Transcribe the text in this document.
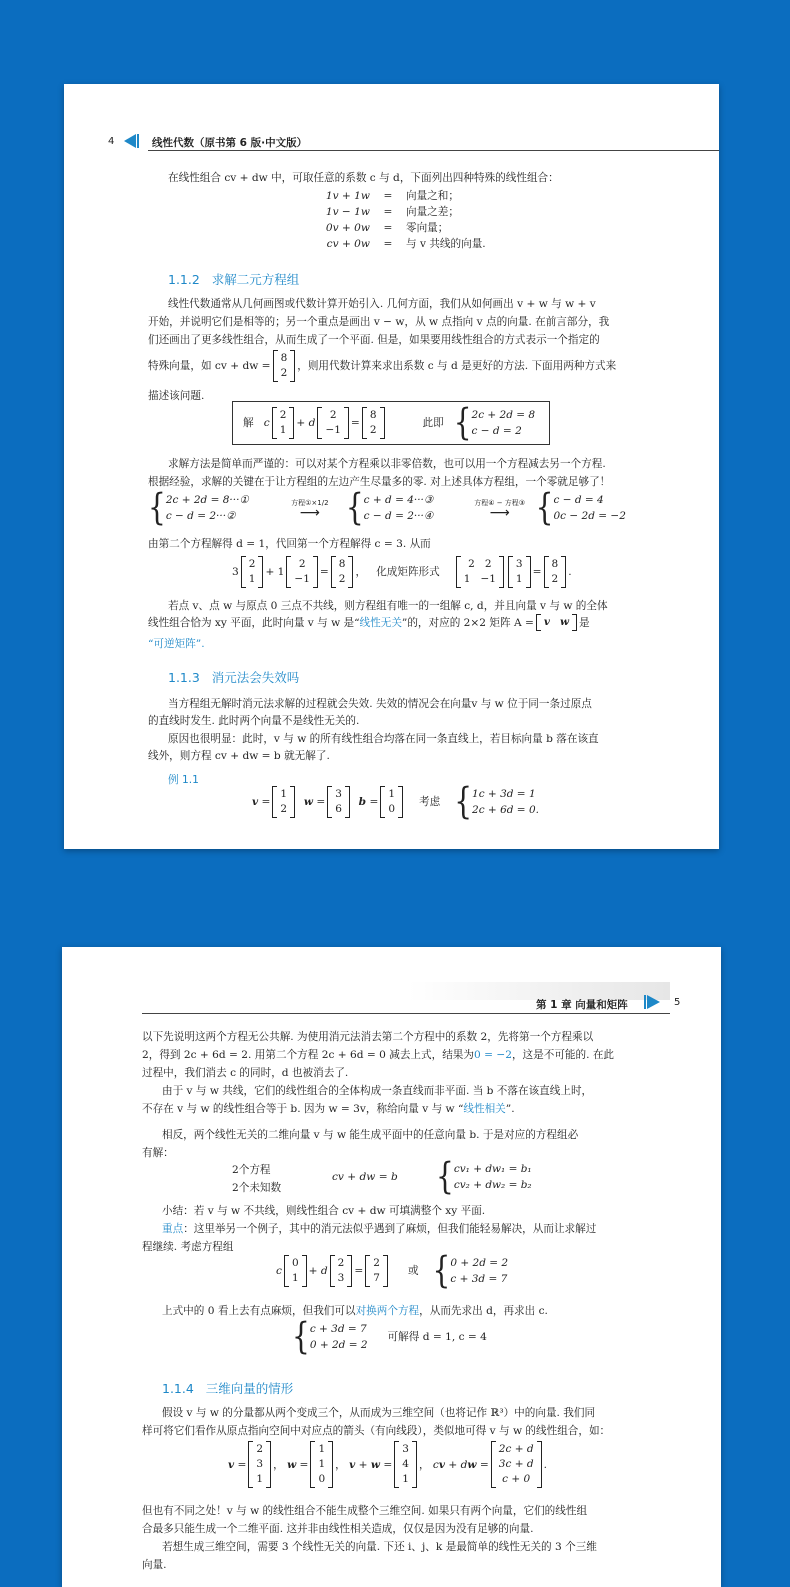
4	线性代数（原书第 6 版·中文版）
在线性组合 cv + dw 中，可取任意的系数 c 与 d，下面列出四种特殊的线性组合：
1v + 1w	=	向量之和；
1v − 1w	=	向量之差；
0v + 0w	=	零向量；
cv + 0w	=	与 v 共线的向量.
1.1.2 求解二元方程组
线性代数通常从几何画图或代数计算开始引入. 几何方面，我们从如何画出 v + w 与 w + v
开始，并说明它们是相等的；另一个重点是画出 v − w，从 w 点指向 v 点的向量. 在前言部分，我
们还画出了更多线性组合，从而生成了一个平面. 但是，如果要用线性组合的方式表示一个指定的
特殊向量，如 cv + dw =
8
2
，则用代数计算来求出系数 c 与 d 是更好的方法. 下面用两种方式来
描述该问题.
解
c
2
1
+ d
2
−1
=
8
2
此即 { 2c + 2d = 8
c − d = 2
求解方法是简单而严谨的：可以对某个方程乘以非零倍数，也可以用一个方程减去另一个方程.
根据经验，求解的关键在于让方程组的左边产生尽量多的零. 对上述具体方程组，一个零就足够了！
{ 2c + 2d = 8···①
c − d = 2···②
方程①×1/2
⟶ { c + d = 4···③
c − d = 2···④
方程④ − 方程③
⟶ { c − d = 4
0c − 2d = −2
由第二个方程解得 d = 1，代回第一个方程解得 c = 3. 从而
3
2
1
+ 1
2
−1
=
8
2
， 化成矩阵形式
2 2
1 −1
3
1
=
8
2
.
若点 v、点 w 与原点 0 三点不共线，则方程组有唯一的一组解 c, d，并且向量 v 与 w 的全体
线性组合恰为 xy 平面，此时向量 v 与 w 是“ 线性无关 ”的，对应的 2×2 矩阵 A = v w 是
“可逆矩阵”.
1.1.3 消元法会失效吗
当方程组无解时消元法求解的过程就会失效. 失效的情况会在向量v 与 w 位于同一条过原点
的直线时发生. 此时两个向量不是线性无关的.
原因也很明显：此时，v 与 w 的所有线性组合均落在同一条直线上，若目标向量 b 落在该直
线外，则方程 cv + dw = b 就无解了.
例 1.1
v =
1
2

w =
3
6

b =
1
0
考虑 { 1c + 3d = 1
2c + 6d = 0.
第 1 章 向量和矩阵	5
以下先说明这两个方程无公共解. 为使用消元法消去第二个方程中的系数 2，先将第一个方程乘以
2，得到 2c + 6d = 2. 用第二个方程 2c + 6d = 0 减去上式，结果为0 = −2，这是不可能的. 在此
过程中，我们消去 c 的同时，d 也被消去了.
由于 v 与 w 共线，它们的线性组合的全体构成一条直线而非平面. 当 b 不落在该直线上时，
不存在 v 与 w 的线性组合等于 b. 因为 w = 3v，称给向量 v 与 w “线性相关”.
相反，两个线性无关的二维向量 v 与 w 能生成平面中的任意向量 b. 于是对应的方程组必
有解：
2个方程
2个未知数
cv + dw = b { cv₁ + dw₁ = b₁
cv₂ + dw₂ = b₂
小结：若 v 与 w 不共线，则线性组合 cv + dw 可填满整个 xy 平面.
重点：这里举另一个例子，其中的消元法似乎遇到了麻烦，但我们能轻易解决，从而让求解过
程继续. 考虑方程组
c
0
1
+ d
2
3
=
2
7
或 { 0 + 2d = 2
c + 3d = 7
上式中的 0 看上去有点麻烦，但我们可以对换两个方程，从而先求出 d，再求出 c.
{ c + 3d = 7
0 + 2d = 2
可解得 d = 1, c = 4
1.1.4 三维向量的情形
假设 v 与 w 的分量都从两个变成三个，从而成为三维空间（也将记作 ℝ³）中的向量. 我们同
样可将它们看作从原点指向空间中对应点的箭头（有向线段），类似地可得 v 与 w 的线性组合，如：
v =
2
3
1
， w =
1
1
0
， v + w =
3
4
1
， c v + d w =
2c + d
3c + d
c + 0
.
但也有不同之处！v 与 w 的线性组合不能生成整个三维空间. 如果只有两个向量，它们的线性组
合最多只能生成一个二维平面. 这并非由线性相关造成，仅仅是因为没有足够的向量.
若想生成三维空间，需要 3 个线性无关的向量. 下还 i、j、k 是最简单的线性无关的 3 个三维
向量.
